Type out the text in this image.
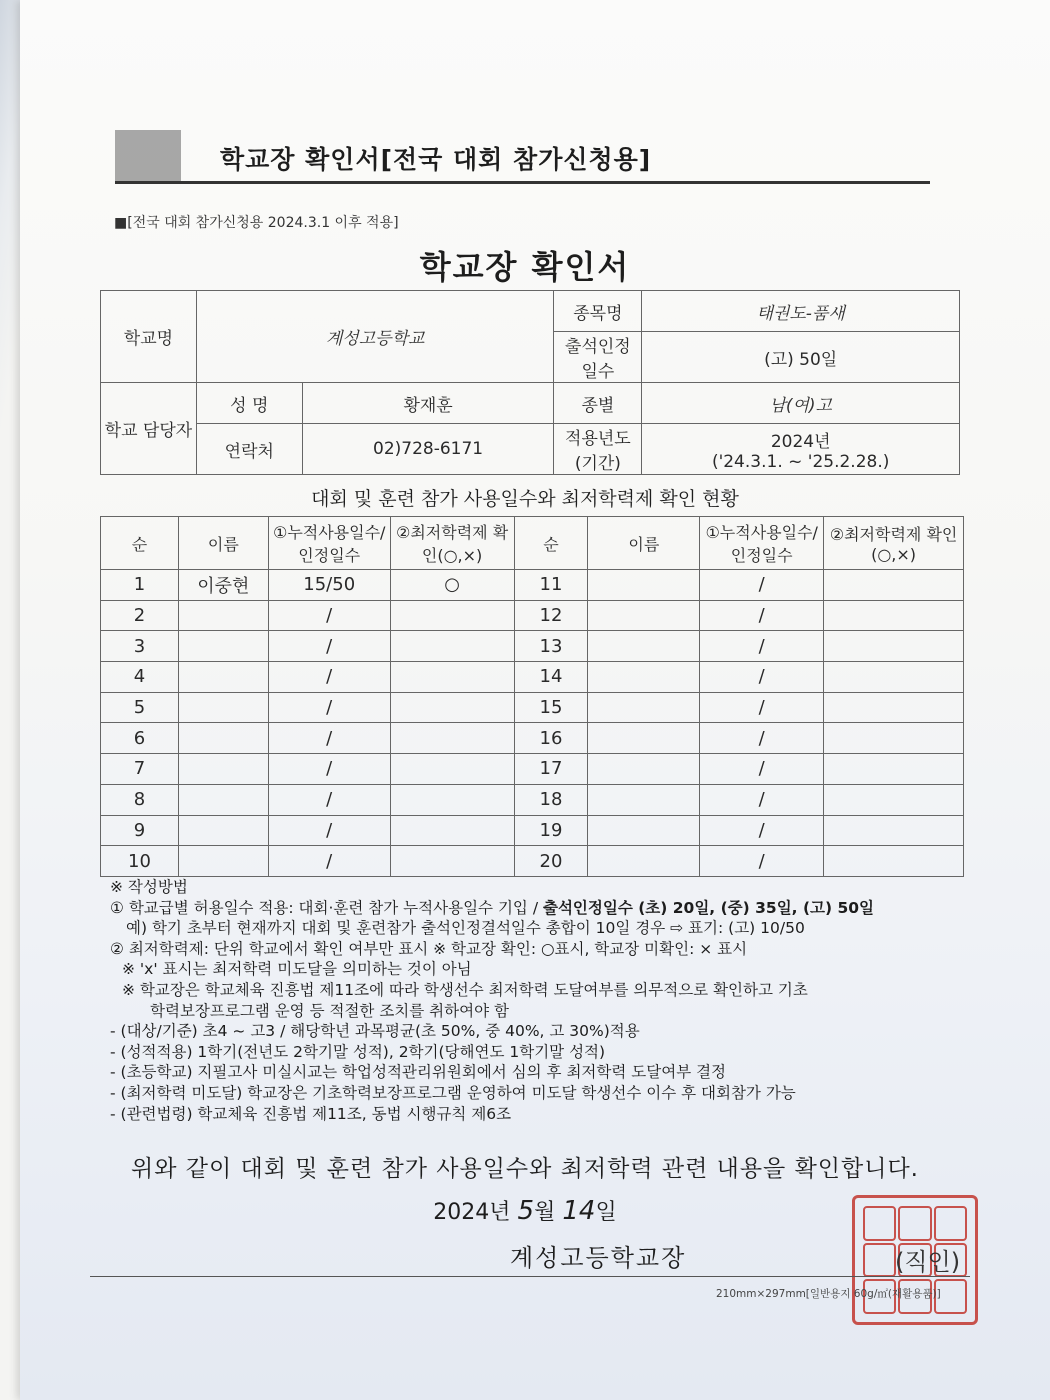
학교장 확인서[전국 대회 참가신청용]
■[전국 대회 참가신청용 2024.3.1 이후 적용]
학교장 확인서
학교명	계성고등학교		종목명	태권도-품새
			출석인정 일수	(고) 50일
학교 담당자	성 명	황재훈	종별	남(여)고
	연락처	02)728-6171	적용년도 (기간)	2024년
('24.3.1. ~ '25.2.28.)
대회 및 훈련 참가 사용일수와 최저학력제 확인 현황
순	이름	①누적사용일수/인정일수	②최저학력제 확인(○,×)	순	이름	①누적사용일수/인정일수	②최저학력제 확인(○,×)
1	이중현	15/50	○	11		/	
2		/		12		/	
3		/		13		/	
4		/		14		/	
5		/		15		/	
6		/		16		/	
7		/		17		/	
8		/		18		/	
9		/		19		/	
10		/		20		/	
※ 작성방법
① 학교급별 허용일수 적용: 대회·훈련 참가 누적사용일수 기입 / 출석인정일수 (초) 20일, (중) 35일, (고) 50일
예) 학기 초부터 현재까지 대회 및 훈련참가 출석인정결석일수 총합이 10일 경우 ⇨ 표기: (고) 10/50
② 최저학력제: 단위 학교에서 확인 여부만 표시 ※ 학교장 확인: ○표시, 학교장 미확인: × 표시
※ 'x' 표시는 최저학력 미도달을 의미하는 것이 아님
※ 학교장은 학교체육 진흥법 제11조에 따라 학생선수 최저학력 도달여부를 의무적으로 확인하고 기초
학력보장프로그램 운영 등 적절한 조치를 취하여야 함
- (대상/기준) 초4 ~ 고3 / 해당학년 과목평균(초 50%, 중 40%, 고 30%)적용
- (성적적용) 1학기(전년도 2학기말 성적), 2학기(당해연도 1학기말 성적)
- (초등학교) 지필고사 미실시교는 학업성적관리위원회에서 심의 후 최저학력 도달여부 결정
- (최저학력 미도달) 학교장은 기초학력보장프로그램 운영하여 미도달 학생선수 이수 후 대회참가 가능
- (관련법령) 학교체육 진흥법 제11조, 동법 시행규칙 제6조
위와 같이 대회 및 훈련 참가 사용일수와 최저학력 관련 내용을 확인합니다.
2024년 5월 14일
계성고등학교장	(직인)
210mm×297mm[일반용지 60g/㎡(재활용품)]
